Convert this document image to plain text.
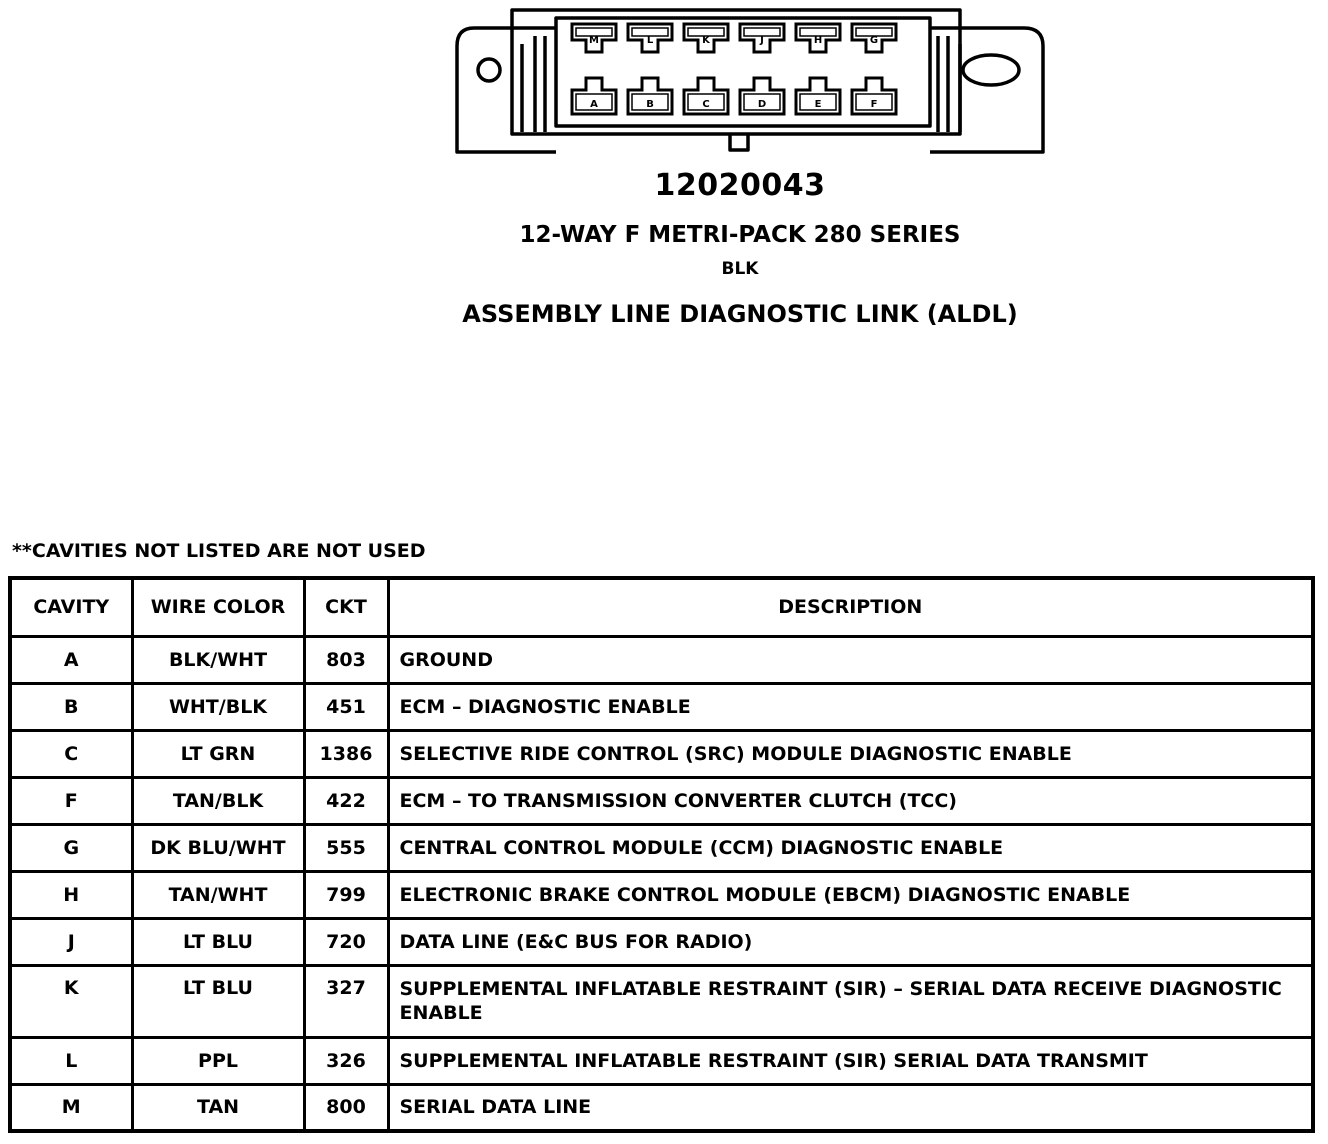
M	L	K	J	H	G
A	B	C	D	E	F
12020043
12-WAY F METRI-PACK 280 SERIES
BLK
ASSEMBLY LINE DIAGNOSTIC LINK (ALDL)
**CAVITIES NOT LISTED ARE NOT USED
CAVITY	WIRE COLOR	CKT	DESCRIPTION
A	BLK/WHT	803	GROUND
B	WHT/BLK	451	ECM – DIAGNOSTIC ENABLE
C	LT GRN	1386	SELECTIVE RIDE CONTROL (SRC) MODULE DIAGNOSTIC ENABLE
F	TAN/BLK	422	ECM – TO TRANSMISSION CONVERTER CLUTCH (TCC)
G	DK BLU/WHT	555	CENTRAL CONTROL MODULE (CCM) DIAGNOSTIC ENABLE
H	TAN/WHT	799	ELECTRONIC BRAKE CONTROL MODULE (EBCM) DIAGNOSTIC ENABLE
J	LT BLU	720	DATA LINE (E&C BUS FOR RADIO)
K	LT BLU	327	SUPPLEMENTAL INFLATABLE RESTRAINT (SIR) – SERIAL DATA RECEIVE DIAGNOSTIC ENABLE
L	PPL	326	SUPPLEMENTAL INFLATABLE RESTRAINT (SIR) SERIAL DATA TRANSMIT
M	TAN	800	SERIAL DATA LINE
